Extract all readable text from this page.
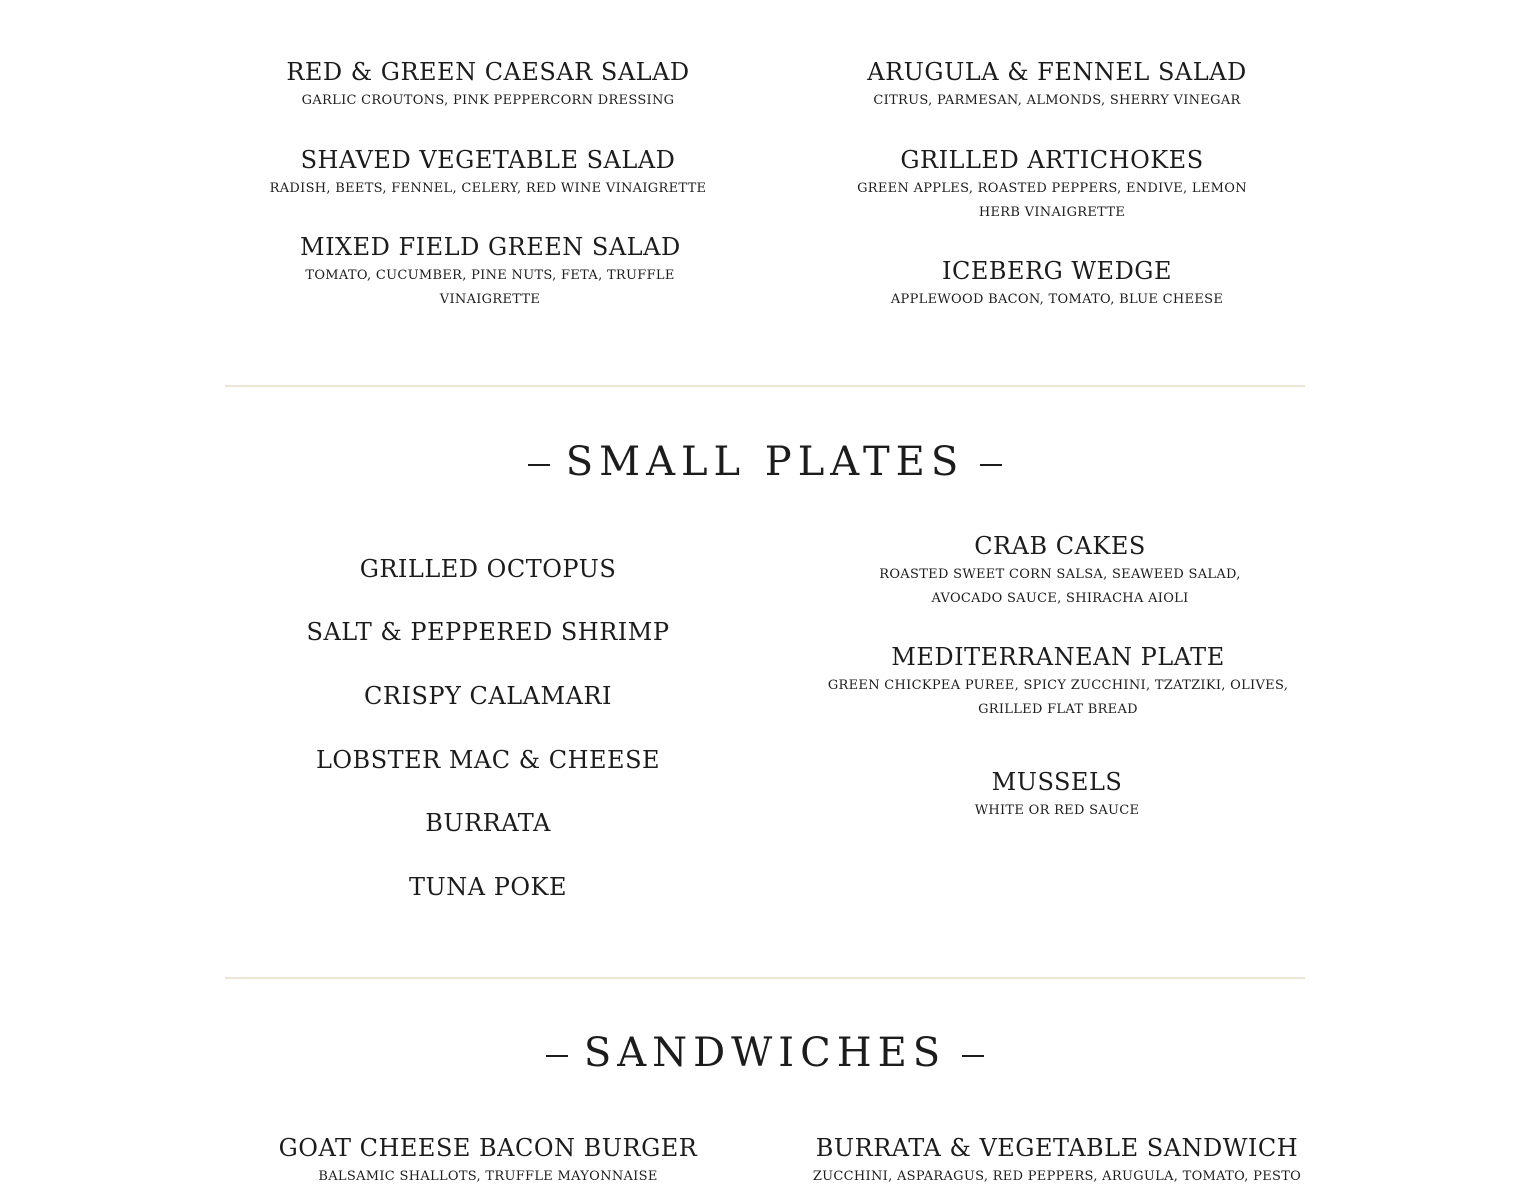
RED & GREEN CAESAR SALAD
GARLIC CROUTONS, PINK PEPPERCORN DRESSING
SHAVED VEGETABLE SALAD
RADISH, BEETS, FENNEL, CELERY, RED WINE VINAIGRETTE
MIXED FIELD GREEN SALAD
TOMATO, CUCUMBER, PINE NUTS, FETA, TRUFFLE VINAIGRETTE
ARUGULA & FENNEL SALAD
CITRUS, PARMESAN, ALMONDS, SHERRY VINEGAR
GRILLED ARTICHOKES
GREEN APPLES, ROASTED PEPPERS, ENDIVE, LEMON HERB VINAIGRETTE
ICEBERG WEDGE
APPLEWOOD BACON, TOMATO, BLUE CHEESE
SMALL PLATES
GRILLED OCTOPUS
SALT & PEPPERED SHRIMP
CRISPY CALAMARI
LOBSTER MAC & CHEESE
BURRATA
TUNA POKE
CRAB CAKES
ROASTED SWEET CORN SALSA, SEAWEED SALAD, AVOCADO SAUCE, SHIRACHA AIOLI
MEDITERRANEAN PLATE
GREEN CHICKPEA PUREE, SPICY ZUCCHINI, TZATZIKI, OLIVES, GRILLED FLAT BREAD
MUSSELS
WHITE OR RED SAUCE
SANDWICHES
GOAT CHEESE BACON BURGER
BALSAMIC SHALLOTS, TRUFFLE MAYONNAISE
BURRATA & VEGETABLE SANDWICH
ZUCCHINI, ASPARAGUS, RED PEPPERS, ARUGULA, TOMATO, PESTO
